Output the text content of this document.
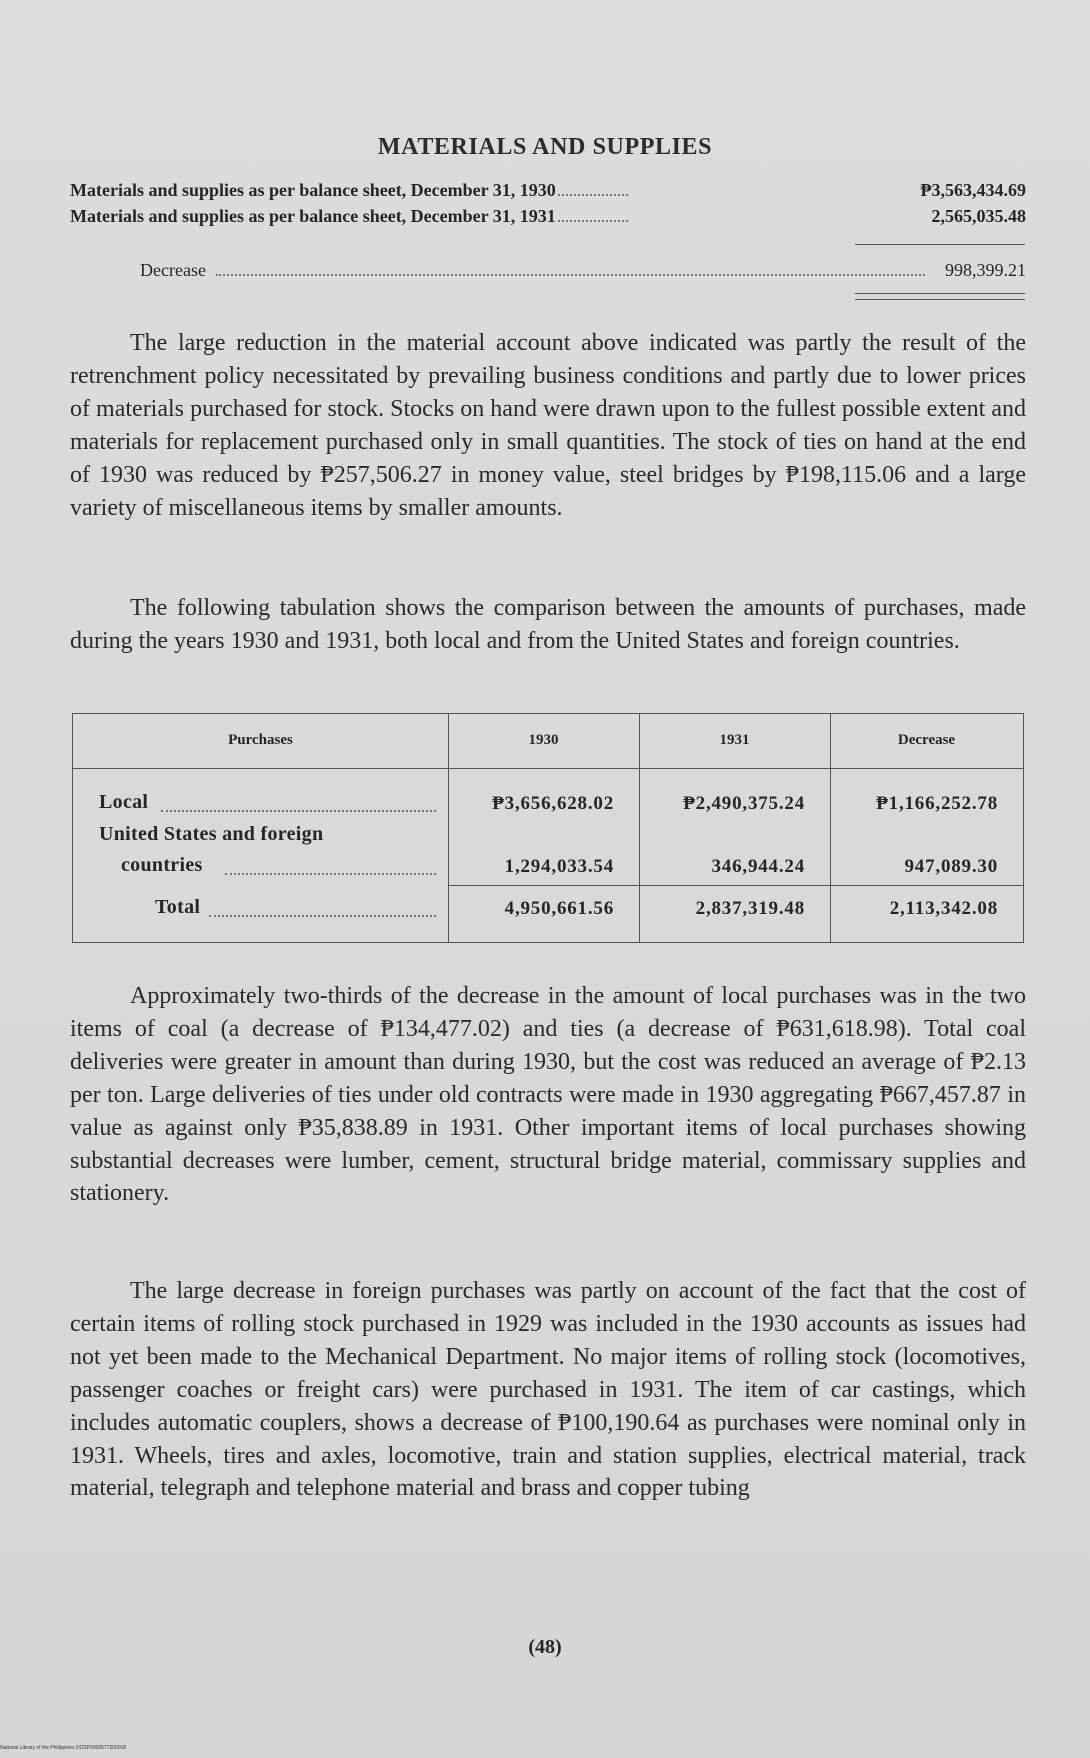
MATERIALS AND SUPPLIES
Materials and supplies as per balance sheet, December 31, 1930	₱3,563,434.69
Materials and supplies as per balance sheet, December 31, 1931	2,565,035.48
Decrease	998,399.21
The large reduction in the material account above indicated was partly the result of the retrenchment policy necessitated by prevailing business conditions and partly due to lower prices of materials purchased for stock. Stocks on hand were drawn upon to the fullest possible extent and materials for replacement purchased only in small quantities. The stock of ties on hand at the end of 1930 was reduced by ₱257,506.27 in money value, steel bridges by ₱198,115.06 and a large variety of miscellaneous items by smaller amounts.
The following tabulation shows the comparison between the amounts of purchases, made during the years 1930 and 1931, both local and from the United States and foreign countries.
Purchases	1930	1931	Decrease
Local	₱3,656,628.02	₱2,490,375.24	₱1,166,252.78
United States and foreign
countries	1,294,033.54	346,944.24	947,089.30
Total	4,950,661.56	2,837,319.48	2,113,342.08
Approximately two-thirds of the decrease in the amount of local purchases was in the two items of coal (a decrease of ₱134,477.02) and ties (a decrease of ₱631,618.98). Total coal deliveries were greater in amount than during 1930, but the cost was reduced an average of ₱2.13 per ton. Large deliveries of ties under old contracts were made in 1930 aggregating ₱667,457.87 in value as against only ₱35,838.89 in 1931. Other important items of local purchases showing substantial decreases were lumber, cement, structural bridge material, commissary supplies and stationery.
The large decrease in foreign purchases was partly on account of the fact that the cost of certain items of rolling stock purchased in 1929 was included in the 1930 accounts as issues had not yet been made to the Mechanical Department. No major items of rolling stock (locomotives, passenger coaches or freight cars) were purchased in 1931. The item of car castings, which includes automatic couplers, shows a decrease of ₱100,190.64 as purchases were nominal only in 1931. Wheels, tires and axles, locomotive, train and station supplies, electrical material, track material, telegraph and telephone material and brass and copper tubing
(48)
National Library of the Philippines DOSP0000577200018
